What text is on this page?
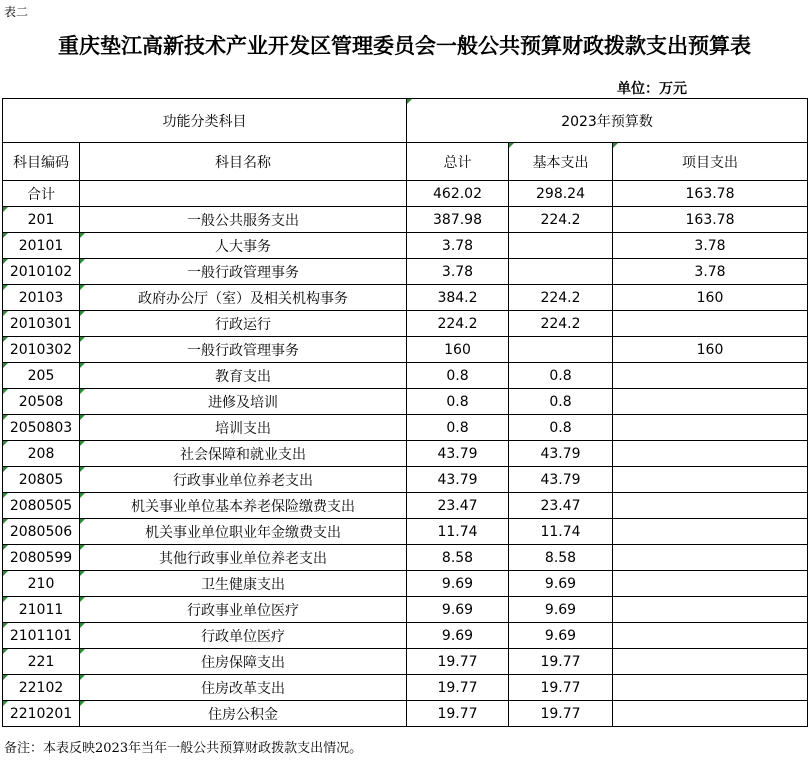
表二
重庆垫江高新技术产业开发区管理委员会一般公共预算财政拨款支出预算表
单位：万元
功能分类科目		2023年预算数		
科目编码	科目名称	总计	基本支出	项目支出
合计		462.02	298.24	163.78
201	一般公共服务支出	387.98	224.2	163.78
20101	人大事务	3.78		3.78
2010102	一般行政管理事务	3.78		3.78
20103	政府办公厅（室）及相关机构事务	384.2	224.2	160
2010301	行政运行	224.2	224.2	
2010302	一般行政管理事务	160		160
205	教育支出	0.8	0.8	
20508	进修及培训	0.8	0.8	
2050803	培训支出	0.8	0.8	
208	社会保障和就业支出	43.79	43.79	
20805	行政事业单位养老支出	43.79	43.79	
2080505	机关事业单位基本养老保险缴费支出	23.47	23.47	
2080506	机关事业单位职业年金缴费支出	11.74	11.74	
2080599	其他行政事业单位养老支出	8.58	8.58	
210	卫生健康支出	9.69	9.69	
21011	行政事业单位医疗	9.69	9.69	
2101101	行政单位医疗	9.69	9.69	
221	住房保障支出	19.77	19.77	
22102	住房改革支出	19.77	19.77	
2210201	住房公积金	19.77	19.77	
备注：本表反映2023年当年一般公共预算财政拨款支出情况。
